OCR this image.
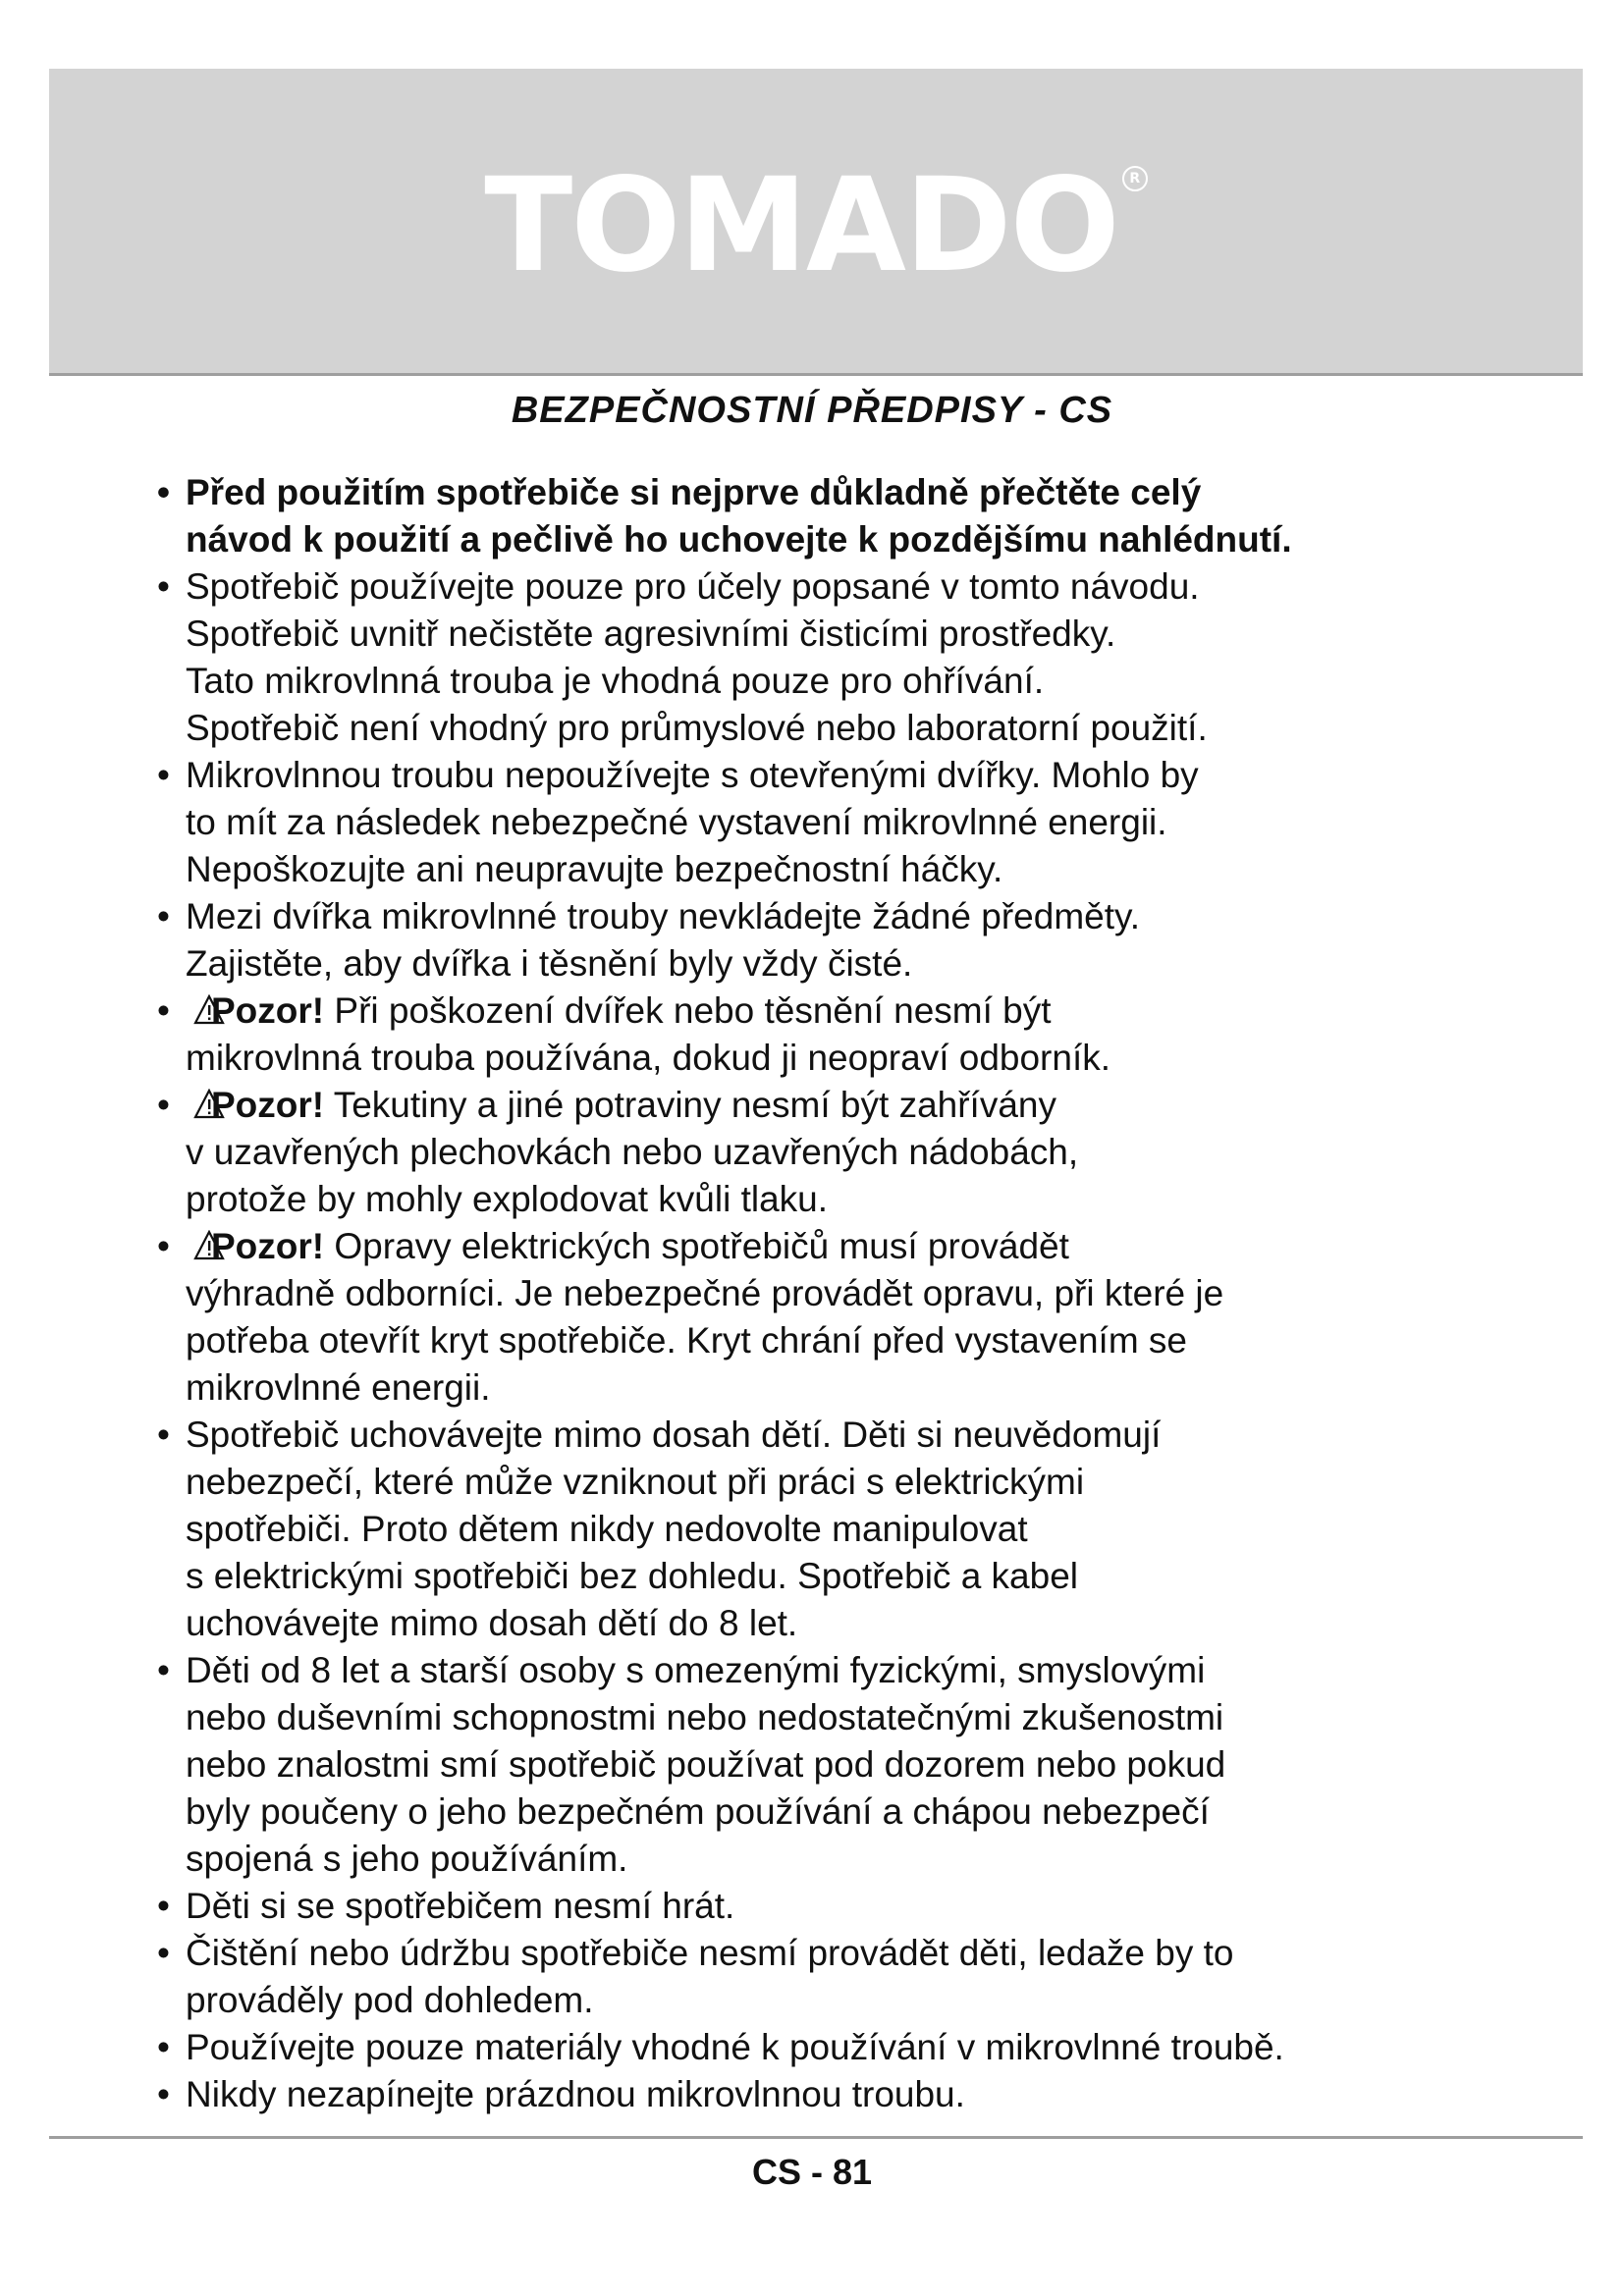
TOMADO R
BEZPEČNOSTNÍ PŘEDPISY - CS
• Před použitím spotřebiče si nejprve důkladně přečtěte celý
návod k použití a pečlivě ho uchovejte k pozdějšímu nahlédnutí.
• Spotřebič používejte pouze pro účely popsané v tomto návodu.
Spotřebič uvnitř nečistěte agresivními čisticími prostředky.
Tato mikrovlnná trouba je vhodná pouze pro ohřívání.
Spotřebič není vhodný pro průmyslové nebo laboratorní použití.
• Mikrovlnnou troubu nepoužívejte s otevřenými dvířky. Mohlo by
to mít za následek nebezpečné vystavení mikrovlnné energii.
Nepoškozujte ani neupravujte bezpečnostní háčky.
• Mezi dvířka mikrovlnné trouby nevkládejte žádné předměty.
Zajistěte, aby dvířka i těsnění byly vždy čisté.
•	Pozor! Při poškození dvířek nebo těsnění nesmí být
mikrovlnná trouba používána, dokud ji neopraví odborník.
•	Pozor! Tekutiny a jiné potraviny nesmí být zahřívány
v uzavřených plechovkách nebo uzavřených nádobách,
protože by mohly explodovat kvůli tlaku.
•	Pozor! Opravy elektrických spotřebičů musí provádět
výhradně odborníci. Je nebezpečné provádět opravu, při které je
potřeba otevřít kryt spotřebiče. Kryt chrání před vystavením se
mikrovlnné energii.
• Spotřebič uchovávejte mimo dosah dětí. Děti si neuvědomují
nebezpečí, které může vzniknout při práci s elektrickými
spotřebiči. Proto dětem nikdy nedovolte manipulovat
s elektrickými spotřebiči bez dohledu. Spotřebič a kabel
uchovávejte mimo dosah dětí do 8 let.
• Děti od 8 let a starší osoby s omezenými fyzickými, smyslovými
nebo duševními schopnostmi nebo nedostatečnými zkušenostmi
nebo znalostmi smí spotřebič používat pod dozorem nebo pokud
byly poučeny o jeho bezpečném používání a chápou nebezpečí
spojená s jeho používáním.
• Děti si se spotřebičem nesmí hrát.
• Čištění nebo údržbu spotřebiče nesmí provádět děti, ledaže by to
prováděly pod dohledem.
• Používejte pouze materiály vhodné k používání v mikrovlnné troubě.
• Nikdy nezapínejte prázdnou mikrovlnnou troubu.
CS - 81
